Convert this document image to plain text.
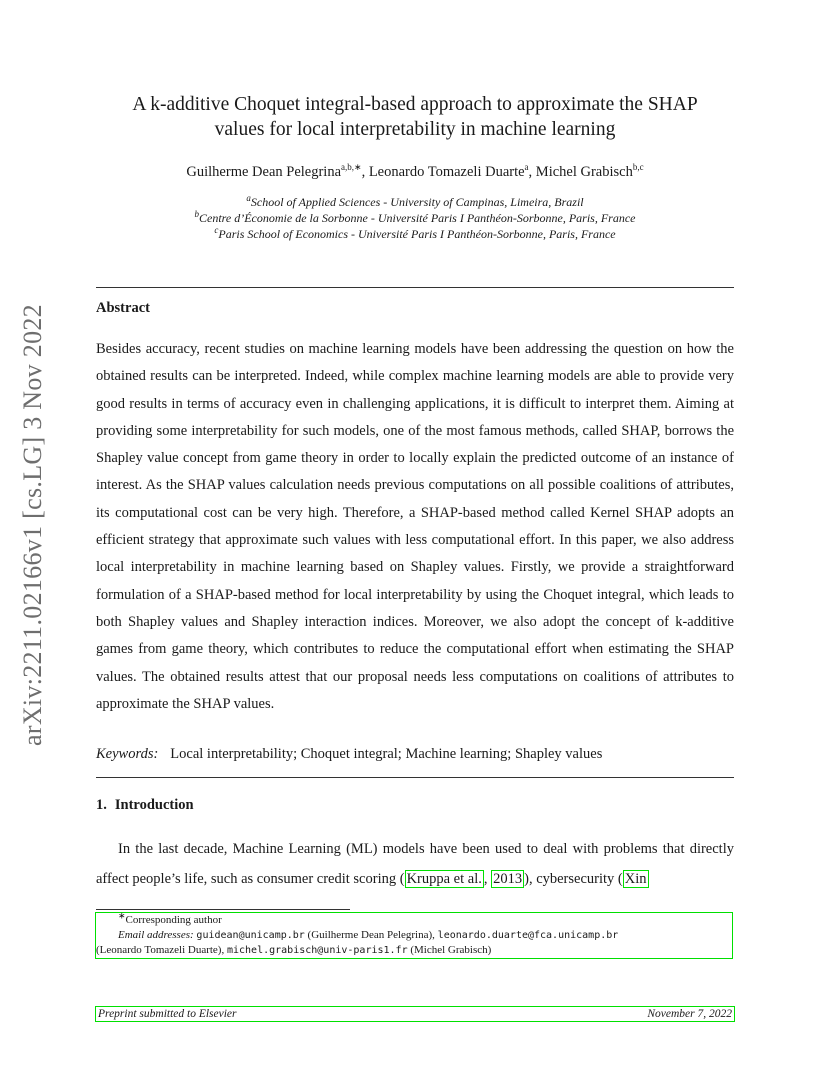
arXiv:2211.02166v1 [cs.LG] 3 Nov 2022
A k-additive Choquet integral-based approach to approximate the SHAP
values for local interpretability in machine learning
Guilherme Dean Pelegrina$^{a,b,∗}$, Leonardo Tomazeli Duarte$^a$, Michel Grabisch$^{b,c}$
$^a$School of Applied Sciences - University of Campinas, Limeira, Brazil
$^b$Centre d’Économie de la Sorbonne - Université Paris I Panthéon-Sorbonne, Paris, France
$^c$Paris School of Economics - Université Paris I Panthéon-Sorbonne, Paris, France
Abstract

Besides accuracy, recent studies on machine learning models have been addressing the question on how the obtained results can be interpreted. Indeed, while complex machine learning models are able to provide very good results in terms of accuracy even in challenging applications, it is difficult to interpret them. Aiming at providing some interpretability for such models, one of the most famous methods, called SHAP, borrows the Shapley value concept from game theory in order to locally explain the predicted outcome of an instance of interest. As the SHAP values calculation needs previous computations on all possible coalitions of attributes, its computational cost can be very high. Therefore, a SHAP-based method called Kernel SHAP adopts an efficient strategy that approximate such values with less computational effort. In this paper, we also address local interpretability in machine learning based on Shapley values. Firstly, we provide a straightforward formulation of a SHAP-based method for local interpretability by using the Choquet integral, which leads to both Shapley values and Shapley interaction indices. Moreover, we also adopt the concept of k-additive games from game theory, which contributes to reduce the computational effort when estimating the SHAP values. The obtained results attest that our proposal needs less computations on coalitions of attributes to approximate the SHAP values.

Keywords: Local interpretability; Choquet integral; Machine learning; Shapley values
1. Introduction

In the last decade, Machine Learning (ML) models have been used to deal with problems that directly affect people’s life, such as consumer credit scoring ( Kruppa et al. , 2013 ), cybersecurity ( Xin

∗Corresponding author
Email addresses: guidean@unicamp.br (Guilherme Dean Pelegrina), leonardo.duarte@fca.unicamp.br
(Leonardo Tomazeli Duarte), michel.grabisch@univ-paris1.fr (Michel Grabisch)
Preprint submitted to Elsevier	November 7, 2022
